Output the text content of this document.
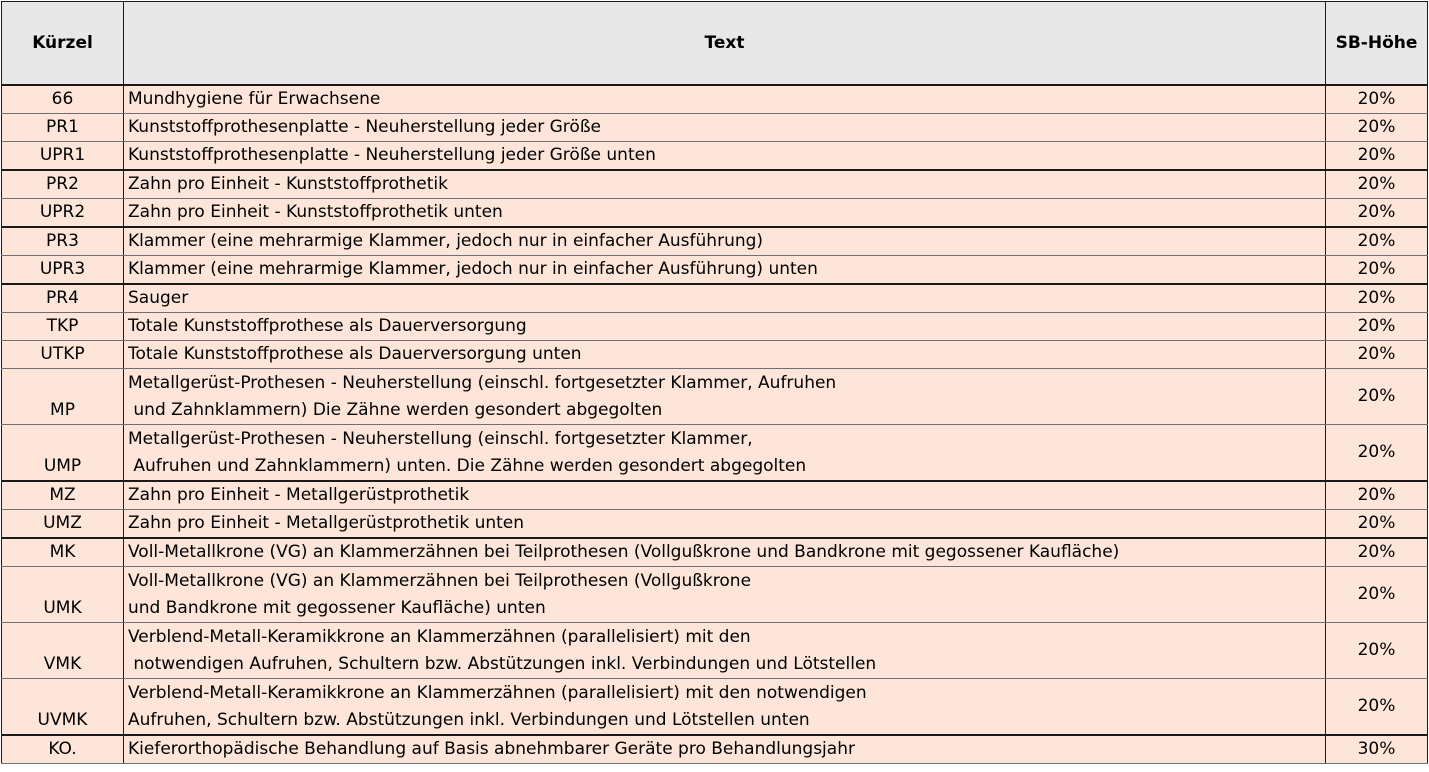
Kürzel	Text	SB-Höhe
66	Mundhygiene für Erwachsene	20%
PR1	Kunststoffprothesenplatte - Neuherstellung jeder Größe	20%
UPR1	Kunststoffprothesenplatte - Neuherstellung jeder Größe unten	20%
PR2	Zahn pro Einheit - Kunststoffprothetik	20%
UPR2	Zahn pro Einheit - Kunststoffprothetik unten	20%
PR3	Klammer (eine mehrarmige Klammer, jedoch nur in einfacher Ausführung)	20%
UPR3	Klammer (eine mehrarmige Klammer, jedoch nur in einfacher Ausführung) unten	20%
PR4	Sauger	20%
TKP	Totale Kunststoffprothese als Dauerversorgung	20%
UTKP	Totale Kunststoffprothese als Dauerversorgung unten	20%
MP	Metallgerüst-Prothesen - Neuherstellung (einschl. fortgesetzter Klammer, Aufruhen
und Zahnklammern) Die Zähne werden gesondert abgegolten	20%
UMP	Metallgerüst-Prothesen - Neuherstellung (einschl. fortgesetzter Klammer,
Aufruhen und Zahnklammern) unten. Die Zähne werden gesondert abgegolten	20%
MZ	Zahn pro Einheit - Metallgerüstprothetik	20%
UMZ	Zahn pro Einheit - Metallgerüstprothetik unten	20%
MK	Voll-Metallkrone (VG) an Klammerzähnen bei Teilprothesen (Vollgußkrone und Bandkrone mit gegossener Kaufläche)	20%
UMK	Voll-Metallkrone (VG) an Klammerzähnen bei Teilprothesen (Vollgußkrone
und Bandkrone mit gegossener Kaufläche) unten	20%
VMK	Verblend-Metall-Keramikkrone an Klammerzähnen (parallelisiert) mit den
notwendigen Aufruhen, Schultern bzw. Abstützungen inkl. Verbindungen und Lötstellen	20%
UVMK	Verblend-Metall-Keramikkrone an Klammerzähnen (parallelisiert) mit den notwendigen
Aufruhen, Schultern bzw. Abstützungen inkl. Verbindungen und Lötstellen unten	20%
KO.	Kieferorthopädische Behandlung auf Basis abnehmbarer Geräte pro Behandlungsjahr	30%
